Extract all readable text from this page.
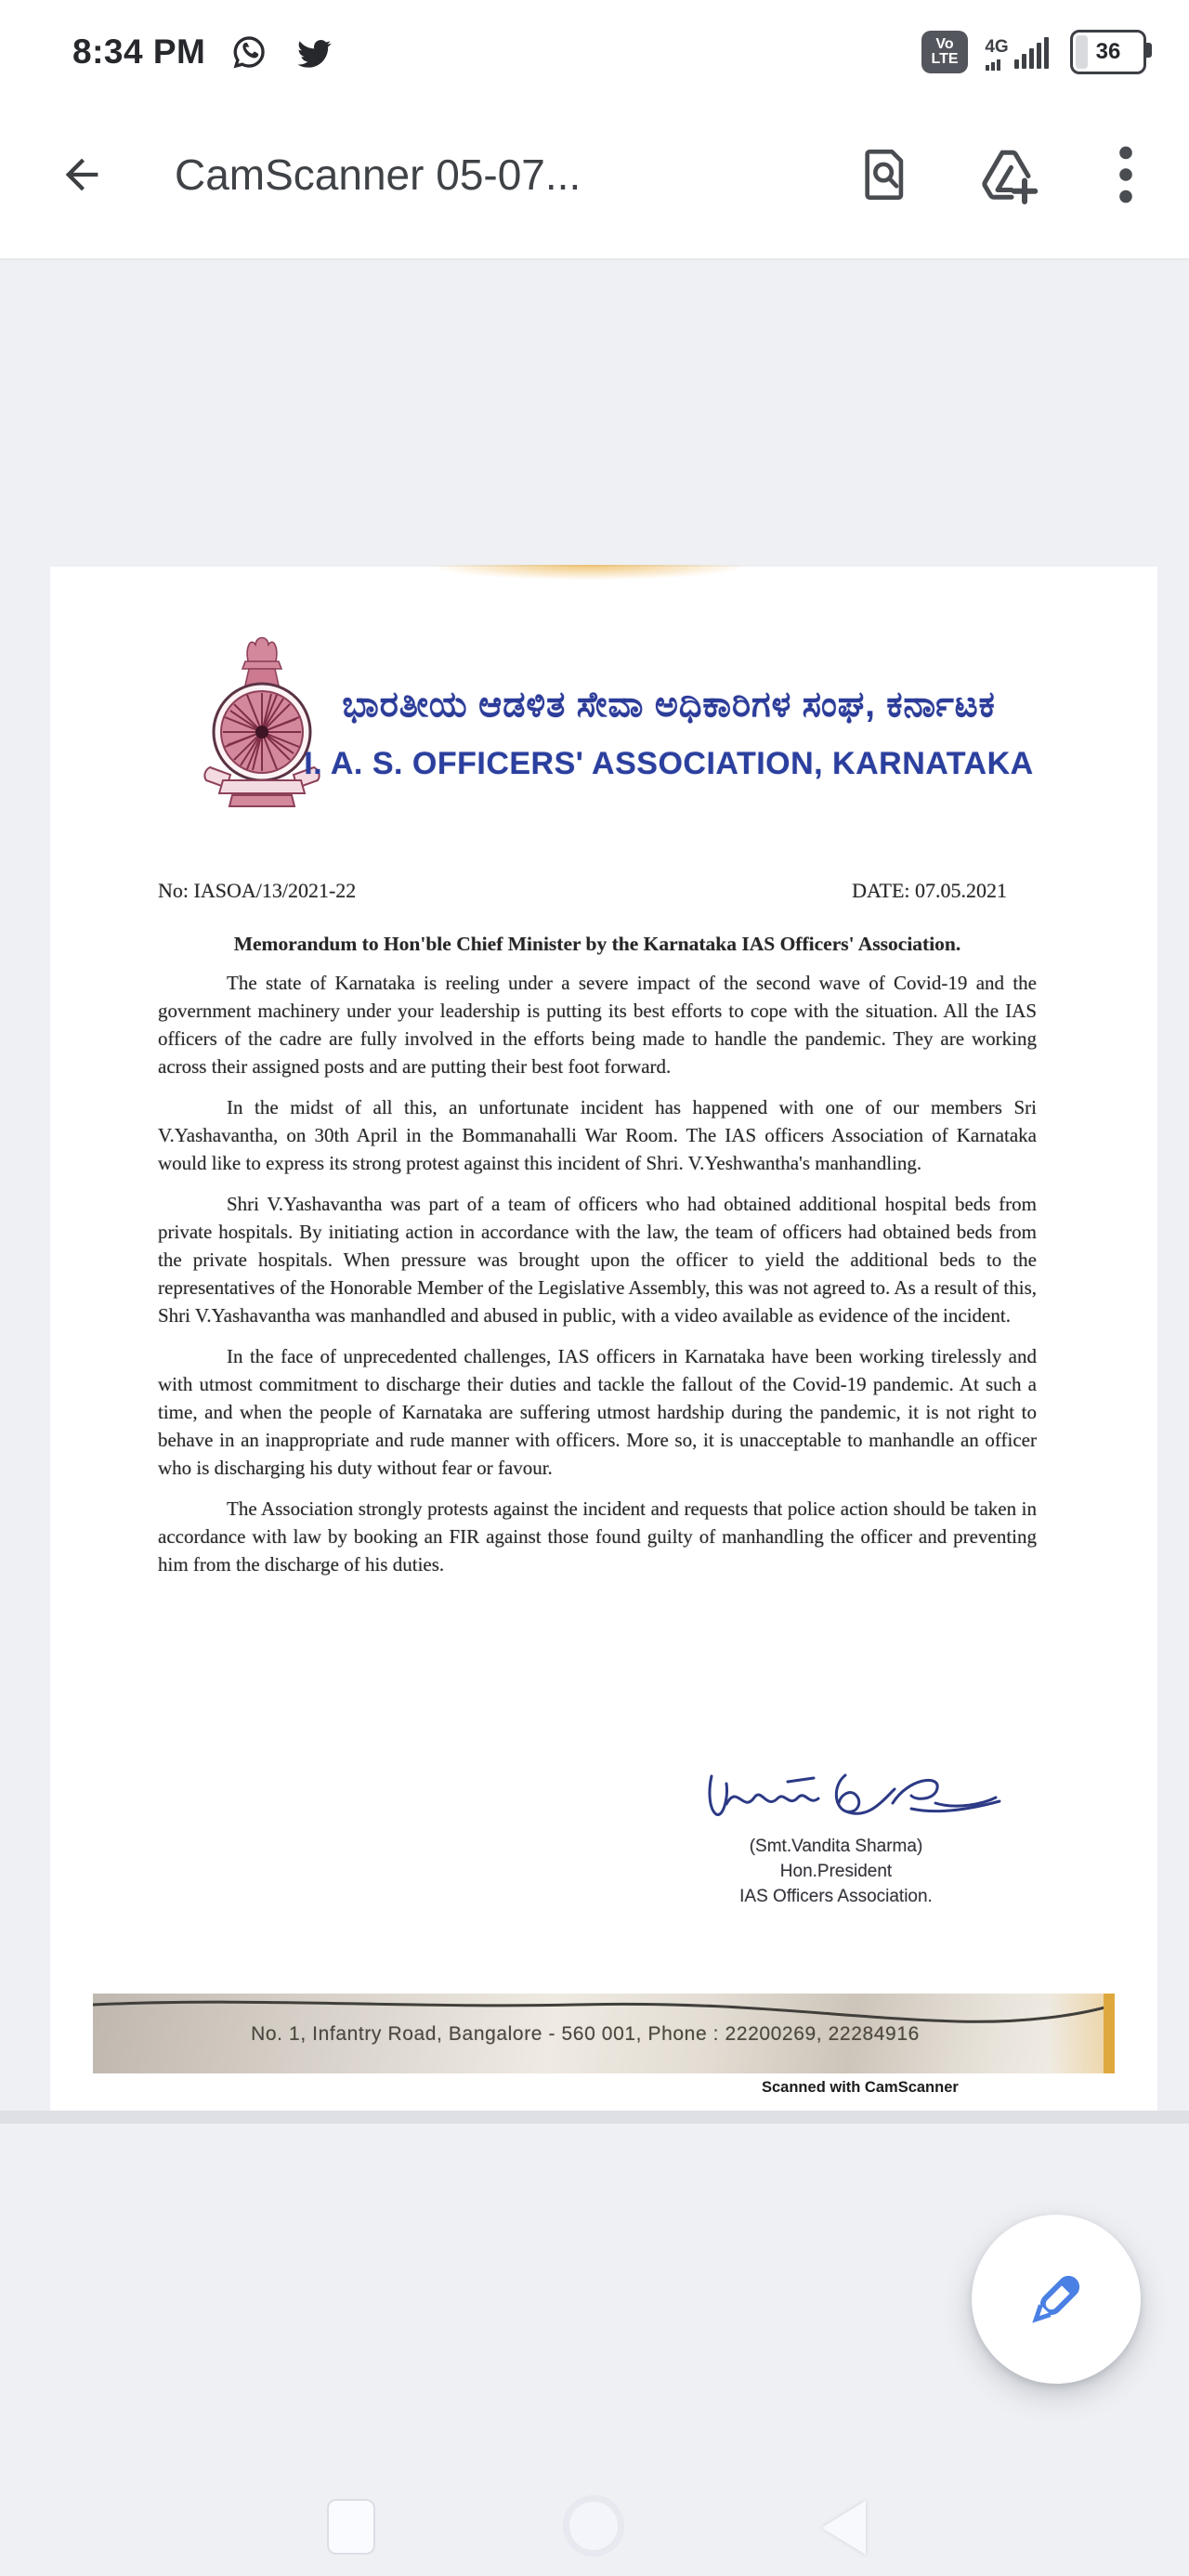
8:34 PM	Vo
LTE
4G	36
CamScanner 05-07...
ಭಾರತೀಯ ಆಡಳಿತ ಸೇವಾ ಅಧಿಕಾರಿಗಳ ಸಂಘ, ಕರ್ನಾಟಕ
I. A. S. OFFICERS' ASSOCIATION, KARNATAKA
No: IASOA/13/2021-22	DATE: 07.05.2021
Memorandum to Hon'ble Chief Minister by the Karnataka IAS Officers' Association.

The state of Karnataka is reeling under a severe impact of the second wave of Covid-19 and the government machinery under your leadership is putting its best efforts to cope with the situation. All the IAS officers of the cadre are fully involved in the efforts being made to handle the pandemic. They are working across their assigned posts and are putting their best foot forward.

In the midst of all this, an unfortunate incident has happened with one of our members Sri V.Yashavantha, on 30th April in the Bommanahalli War Room. The IAS officers Association of Karnataka would like to express its strong protest against this incident of Shri. V.Yeshwantha's manhandling.

Shri V.Yashavantha was part of a team of officers who had obtained additional hospital beds from private hospitals. By initiating action in accordance with the law, the team of officers had obtained beds from the private hospitals. When pressure was brought upon the officer to yield the additional beds to the representatives of the Honorable Member of the Legislative Assembly, this was not agreed to. As a result of this, Shri V.Yashavantha was manhandled and abused in public, with a video available as evidence of the incident.

In the face of unprecedented challenges, IAS officers in Karnataka have been working tirelessly and with utmost commitment to discharge their duties and tackle the fallout of the Covid-19 pandemic. At such a time, and when the people of Karnataka are suffering utmost hardship during the pandemic, it is not right to behave in an inappropriate and rude manner with officers. More so, it is unacceptable to manhandle an officer who is discharging his duty without fear or favour.

The Association strongly protests against the incident and requests that police action should be taken in accordance with law by booking an FIR against those found guilty of manhandling the officer and preventing him from the discharge of his duties.

(Smt.Vandita Sharma)
Hon.President
IAS Officers Association.
No. 1, Infantry Road, Bangalore - 560 001, Phone : 22200269, 22284916
Scanned with CamScanner
